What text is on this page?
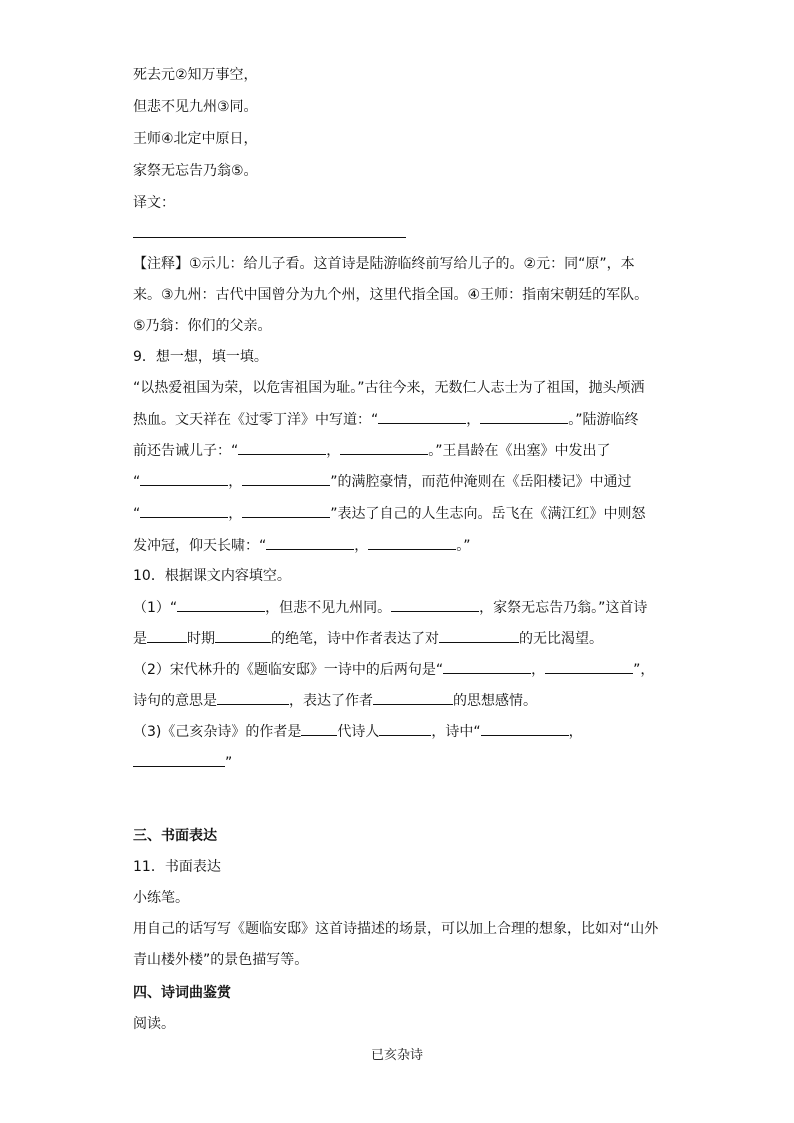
死去元②知万事空，
但悲不见九州③同。
王师④北定中原日，
家祭无忘告乃翁⑤。
译文：
【注释】①示儿：给儿子看。这首诗是陆游临终前写给儿子的。②元：同“原”，本
来。③九州：古代中国曾分为九个州，这里代指全国。④王师：指南宋朝廷的军队。
⑤乃翁：你们的父亲。
9．想一想，填一填。
“以热爱祖国为荣，以危害祖国为耻。”古往今来，无数仁人志士为了祖国，抛头颅洒
热血。文天祥在《过零丁洋》中写道：“	，	。”陆游临终
前还告诫儿子：“	，	。”王昌龄在《出塞》中发出了
“	，	”的满腔豪情，而范仲淹则在《岳阳楼记》中通过
“	，	”表达了自己的人生志向。岳飞在《满江红》中则怒
发冲冠，仰天长啸：“	，	。”
10．根据课文内容填空。
（1）“	，但悲不见九州同。	，家祭无忘告乃翁。”这首诗
是	时期	的绝笔，诗中作者表达了对	的无比渴望。
（2）宋代林升的《题临安邸》一诗中的后两句是“	，	”，
诗句的意思是	，表达了作者	的思想感情。
（3)《己亥杂诗》的作者是	代诗人	，诗中“	，
”
三、书面表达
11．书面表达
小练笔。
用自己的话写写《题临安邸》这首诗描述的场景，可以加上合理的想象，比如对“山外
青山楼外楼”的景色描写等。
四、诗词曲鉴赏
阅读。
已亥杂诗
